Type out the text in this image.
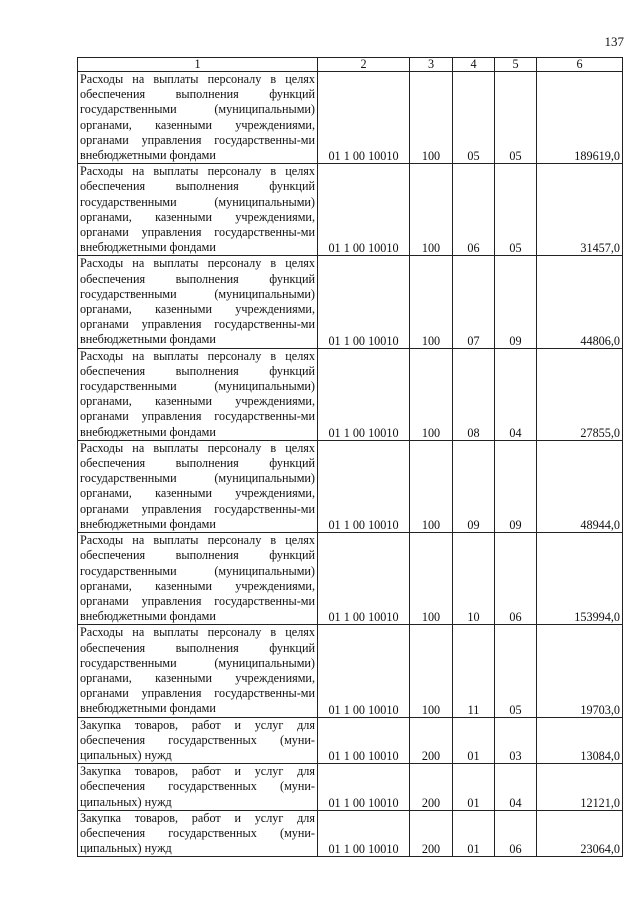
137
1	2	3	4	5	6
Расходы на выплаты персоналу в целях обеспечения выполнения функций государственными (муниципальными) органами, казенными учреждениями, органами управления государственны-ми внебюджетными фондами	01 1 00 10010	100	05	05	189619,0
Расходы на выплаты персоналу в целях обеспечения выполнения функций государственными (муниципальными) органами, казенными учреждениями, органами управления государственны-ми внебюджетными фондами	01 1 00 10010	100	06	05	31457,0
Расходы на выплаты персоналу в целях обеспечения выполнения функций государственными (муниципальными) органами, казенными учреждениями, органами управления государственны-ми внебюджетными фондами	01 1 00 10010	100	07	09	44806,0
Расходы на выплаты персоналу в целях обеспечения выполнения функций государственными (муниципальными) органами, казенными учреждениями, органами управления государственны-ми внебюджетными фондами	01 1 00 10010	100	08	04	27855,0
Расходы на выплаты персоналу в целях обеспечения выполнения функций государственными (муниципальными) органами, казенными учреждениями, органами управления государственны-ми внебюджетными фондами	01 1 00 10010	100	09	09	48944,0
Расходы на выплаты персоналу в целях обеспечения выполнения функций государственными (муниципальными) органами, казенными учреждениями, органами управления государственны-ми внебюджетными фондами	01 1 00 10010	100	10	06	153994,0
Расходы на выплаты персоналу в целях обеспечения выполнения функций государственными (муниципальными) органами, казенными учреждениями, органами управления государственны-ми внебюджетными фондами	01 1 00 10010	100	11	05	19703,0
Закупка товаров, работ и услуг для обеспечения государственных (муни-ципальных) нужд	01 1 00 10010	200	01	03	13084,0
Закупка товаров, работ и услуг для обеспечения государственных (муни-ципальных) нужд	01 1 00 10010	200	01	04	12121,0
Закупка товаров, работ и услуг для обеспечения государственных (муни-ципальных) нужд	01 1 00 10010	200	01	06	23064,0
